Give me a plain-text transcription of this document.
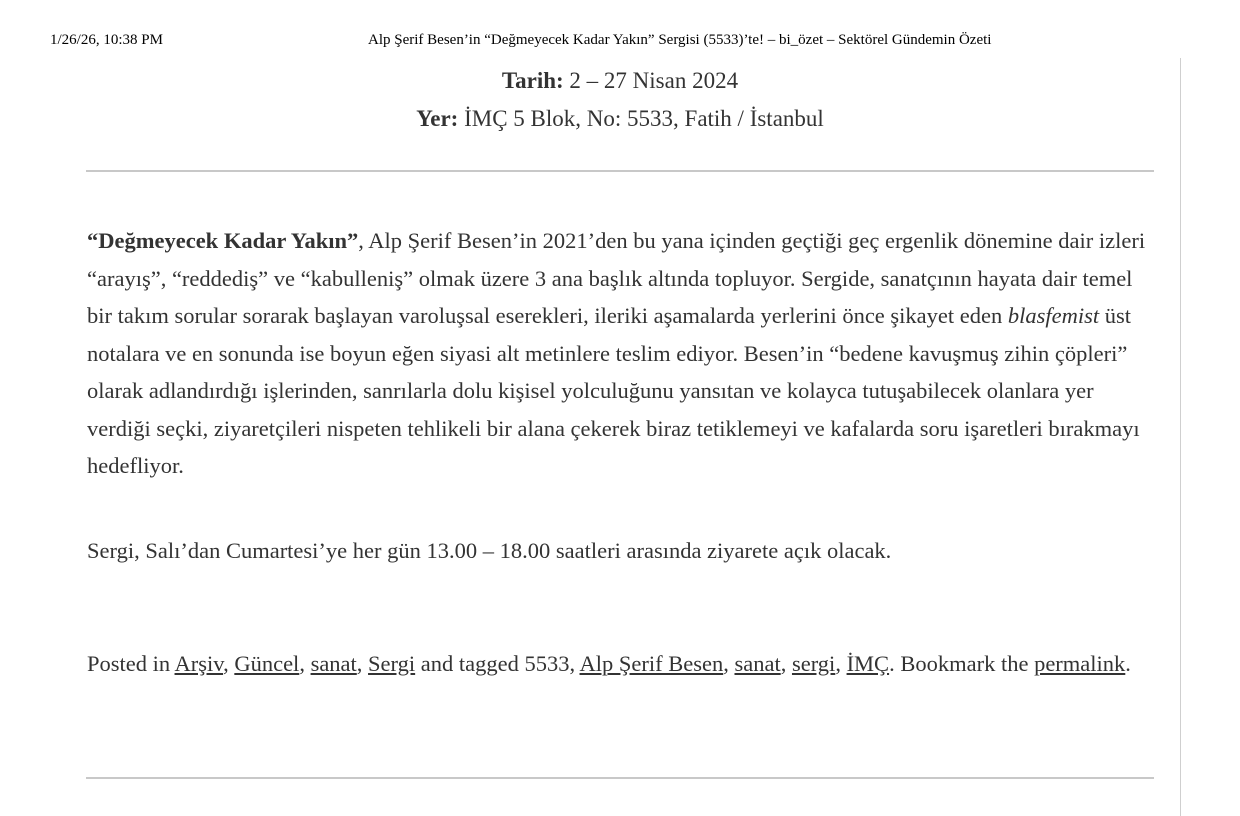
1/26/26, 10:38 PM	Alp Şerif Besen’in “Değmeyecek Kadar Yakın” Sergisi (5533)’te! – bi_özet – Sektörel Gündemin Özeti
Tarih: 2 – 27 Nisan 2024
Yer: İMÇ 5 Blok, No: 5533, Fatih / İstanbul

“Değmeyecek Kadar Yakın”, Alp Şerif Besen’in 2021’den bu yana içinden geçtiği geç ergenlik dönemine dair izleri “arayış”, “reddediş” ve “kabulleniş” olmak üzere 3 ana başlık altında topluyor. Sergide, sanatçının hayata dair temel bir takım sorular sorarak başlayan varoluşsal eserekleri, ileriki aşamalarda yerlerini önce şikayet eden blasfemist üst notalara ve en sonunda ise boyun eğen siyasi alt metinlere teslim ediyor. Besen’in “bedene kavuşmuş zihin çöpleri” olarak adlandırdığı işlerinden, sanrılarla dolu kişisel yolculuğunu yansıtan ve kolayca tutuşabilecek olanlara yer verdiği seçki, ziyaretçileri nispeten tehlikeli bir alana çekerek biraz tetiklemeyi ve kafalarda soru işaretleri bırakmayı hedefliyor.

Sergi, Salı’dan Cumartesi’ye her gün 13.00 – 18.00 saatleri arasında ziyarete açık olacak.

Posted in Arşiv, Güncel, sanat, Sergi and tagged 5533, Alp Şerif Besen, sanat, sergi, İMÇ. Bookmark the permalink.
